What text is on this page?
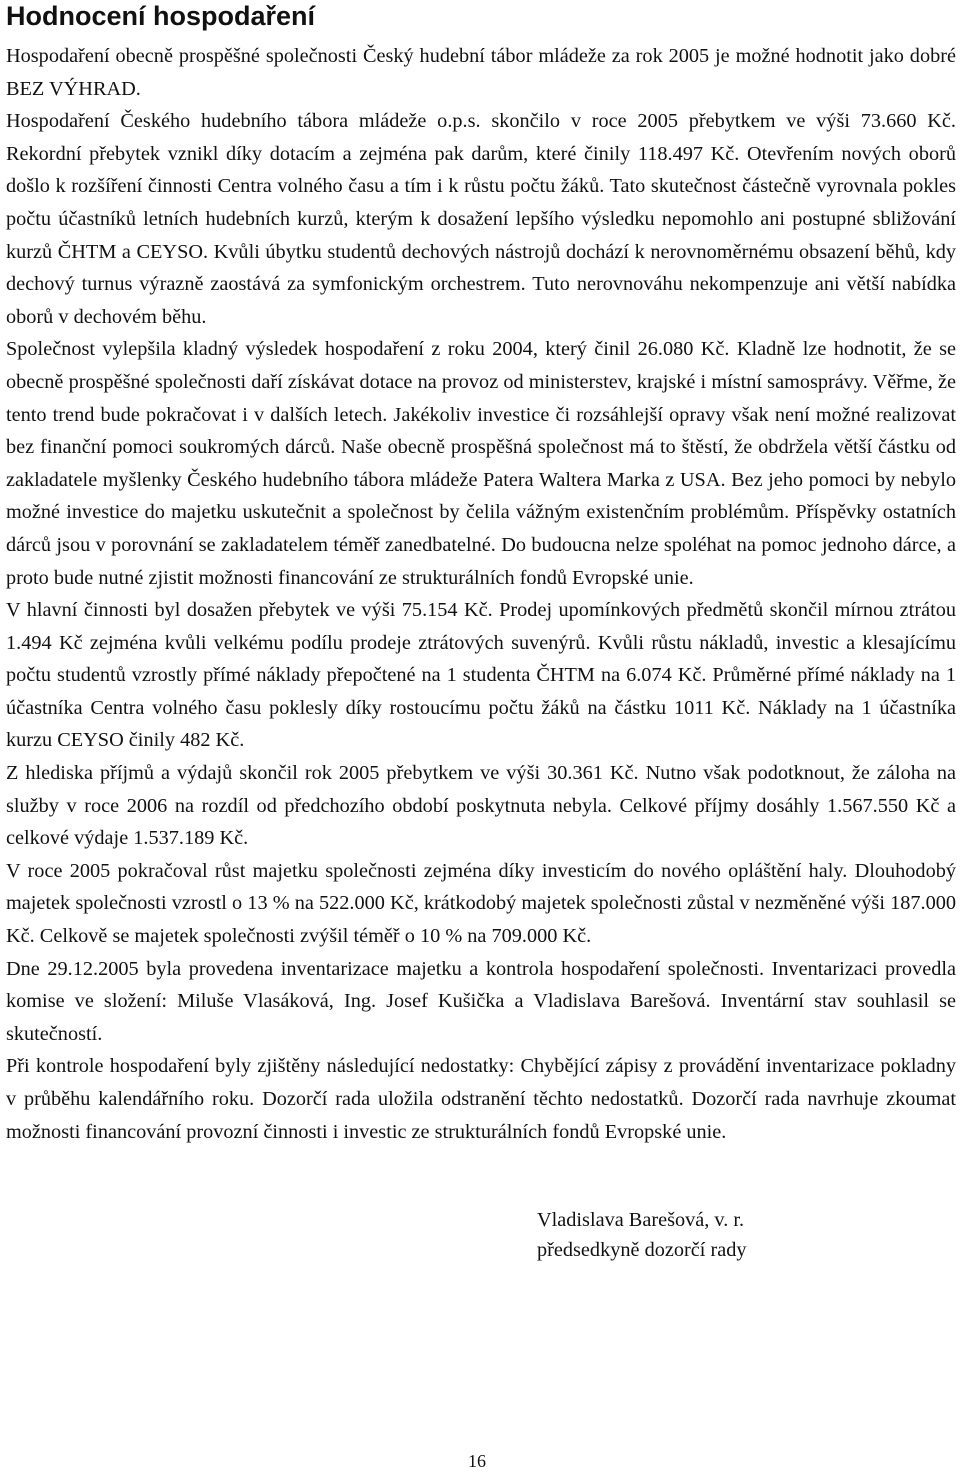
Hodnocení hospodaření

Hospodaření obecně prospěšné společnosti Český hudební tábor mládeže za rok 2005 je možné hodnotit jako dobré BEZ VÝHRAD.

Hospodaření Českého hudebního tábora mládeže o.p.s. skončilo v roce 2005 přebytkem ve výši 73.660 Kč. Rekordní přebytek vznikl díky dotacím a zejména pak darům, které činily 118.497 Kč. Otevřením nových oborů došlo k rozšíření činnosti Centra volného času a tím i k růstu počtu žáků. Tato skutečnost částečně vyrovnala pokles počtu účastníků letních hudebních kurzů, kterým k dosažení lepšího výsledku nepomohlo ani postupné sbližování kurzů ČHTM a CEYSO. Kvůli úbytku studentů dechových nástrojů dochází k nerovnoměrnému obsazení běhů, kdy dechový turnus výrazně zaostává za symfonickým orchestrem. Tuto nerovnováhu nekompenzuje ani větší nabídka oborů v dechovém běhu.

Společnost vylepšila kladný výsledek hospodaření z roku 2004, který činil 26.080 Kč. Kladně lze hodnotit, že se obecně prospěšné společnosti daří získávat dotace na provoz od ministerstev, krajské i místní samosprávy. Věřme, že tento trend bude pokračovat i v dalších letech. Jakékoliv investice či rozsáhlejší opravy však není možné realizovat bez finanční pomoci soukromých dárců. Naše obecně prospěšná společnost má to štěstí, že obdržela větší částku od zakladatele myšlenky Českého hudebního tábora mládeže Patera Waltera Marka z USA. Bez jeho pomoci by nebylo možné investice do majetku uskutečnit a společnost by čelila vážným existenčním problémům. Příspěvky ostatních dárců jsou v porovnání se zakladatelem téměř zanedbatelné. Do budoucna nelze spoléhat na pomoc jednoho dárce, a proto bude nutné zjistit možnosti financování ze strukturálních fondů Evropské unie.

V hlavní činnosti byl dosažen přebytek ve výši 75.154 Kč. Prodej upomínkových předmětů skončil mírnou ztrátou 1.494 Kč zejména kvůli velkému podílu prodeje ztrátových suvenýrů. Kvůli růstu nákladů, investic a klesajícímu počtu studentů vzrostly přímé náklady přepočtené na 1 studenta ČHTM na 6.074 Kč. Průměrné přímé náklady na 1 účastníka Centra volného času poklesly díky rostoucímu počtu žáků na částku 1011 Kč. Náklady na 1 účastníka kurzu CEYSO činily 482 Kč.

Z hlediska příjmů a výdajů skončil rok 2005 přebytkem ve výši 30.361 Kč. Nutno však podotknout, že záloha na služby v roce 2006 na rozdíl od předchozího období poskytnuta nebyla. Celkové příjmy dosáhly 1.567.550 Kč a celkové výdaje 1.537.189 Kč.

V roce 2005 pokračoval růst majetku společnosti zejména díky investicím do nového opláštění haly. Dlouhodobý majetek společnosti vzrostl o 13 % na 522.000 Kč, krátkodobý majetek společnosti zůstal v nezměněné výši 187.000 Kč. Celkově se majetek společnosti zvýšil téměř o 10 % na 709.000 Kč.

Dne 29.12.2005 byla provedena inventarizace majetku a kontrola hospodaření společnosti. Inventarizaci provedla komise ve složení: Miluše Vlasáková, Ing. Josef Kušička a Vladislava Barešová. Inventární stav souhlasil se skutečností.

Při kontrole hospodaření byly zjištěny následující nedostatky: Chybějící zápisy z provádění inventarizace pokladny v průběhu kalendářního roku. Dozorčí rada uložila odstranění těchto nedostatků. Dozorčí rada navrhuje zkoumat možnosti financování provozní činnosti i investic ze strukturálních fondů Evropské unie.

Vladislava Barešová, v. r.
předsedkyně dozorčí rady
16
